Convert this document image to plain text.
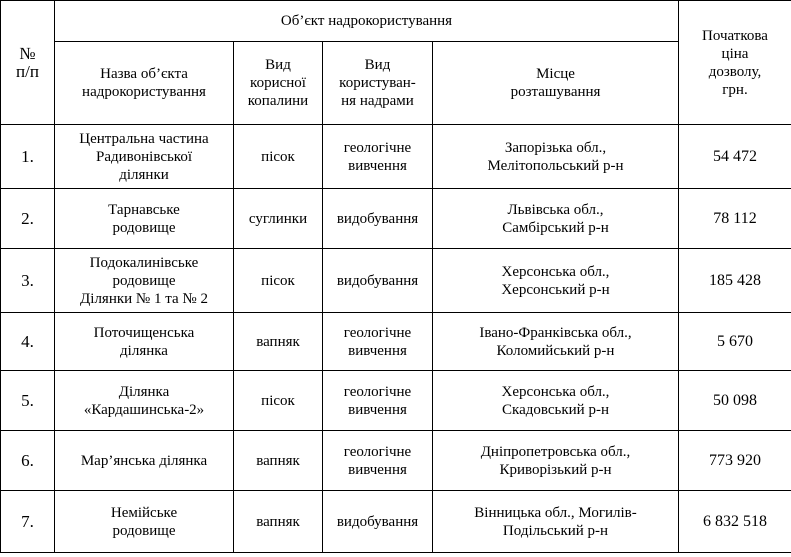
№
п/п	Об’єкт надрокористування				Початкова
ціна
дозволу,
грн.
	Назва об’єкта
надрокористування	Вид
корисної
копалини	Вид
користуван-
ня надрами	Місце
розташування	
1.	Центральна частина
Радивонівської
ділянки	пісок	геологічне
вивчення	Запорізька обл.,
Мелітопольський р-н	54 472
2.	Тарнавське
родовище	суглинки	видобування	Львівська обл.,
Самбірський р-н	78 112
3.	Подокалинівське
родовище
Ділянки № 1 та № 2	пісок	видобування	Херсонська обл.,
Херсонський р-н	185 428
4.	Поточищенська
ділянка	вапняк	геологічне
вивчення	Івано-Франківська обл.,
Коломийський р-н	5 670
5.	Ділянка
«Кардашинська-2»	пісок	геологічне
вивчення	Херсонська обл.,
Скадовський р-н	50 098
6.	Мар’янська ділянка	вапняк	геологічне
вивчення	Дніпропетровська обл.,
Криворізький р-н	773 920
7.	Немійське
родовище	вапняк	видобування	Вінницька обл., Могилів-
Подільський р-н	6 832 518
